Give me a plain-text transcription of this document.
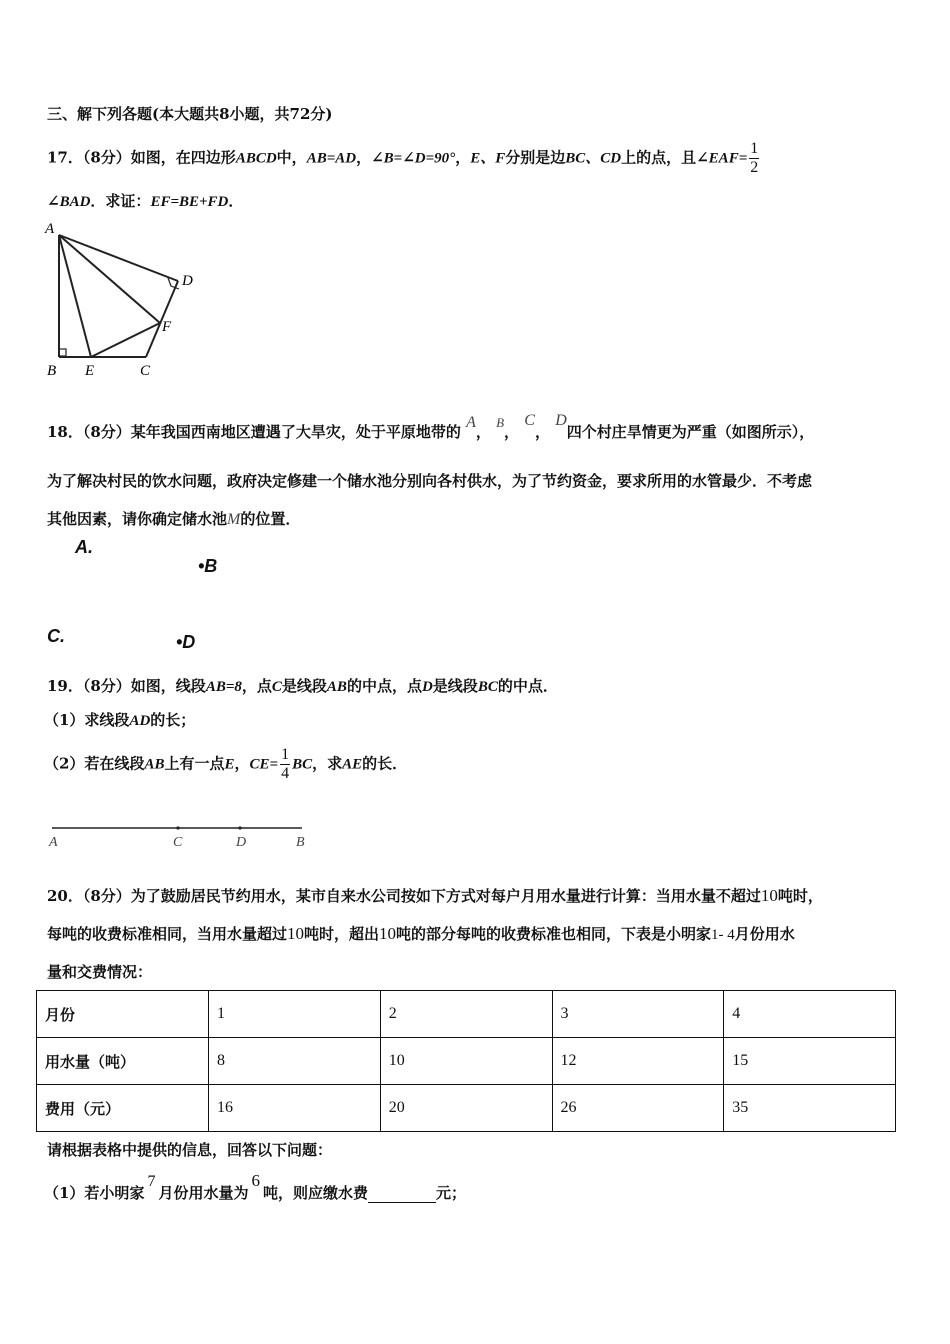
三、解下列各题(本大题共8小题，共72分)
17．（8分）如图，在四边形ABCD中，AB=AD，∠B=∠D=90°，E、F分别是边BC、CD上的点，且∠EAF= $\frac{1}{2}$
∠BAD．求证：EF=BE+FD．
A
B	C
D
E
F
18．（8分）某年我国西南地区遭遇了大旱灾，处于平原地带的 A， B， C， D四个村庄旱情更为严重（如图所示），
为了解决村民的饮水问题，政府决定修建一个储水池分别向各村供水，为了节约资金，要求所用的水管最少．不考虑
其他因素，请你确定储水池M的位置．
A.
•B
C.	•D
19．（8分）如图，线段AB=8，点C是线段AB的中点，点D是线段BC的中点．
（1）求线段AD的长；
（2）若在线段AB上有一点E，$CE= \frac{1}{4}$ BC，求AE的长．
A	C	D	B
20．（8分）为了鼓励居民节约用水，某市自来水公司按如下方式对每户月用水量进行计算：当用水量不超过10吨时，
每吨的收费标准相同，当用水量超过10吨时，超出10吨的部分每吨的收费标准也相同，下表是小明家1- 4月份用水
量和交费情况：
月份	1	2	3	4
用水量（吨）	8	10	12	15
费用（元）	16	20	26	35
请根据表格中提供的信息，回答以下问题：
（1）若小明家7月份用水量为6吨，则应缴水费	元；
